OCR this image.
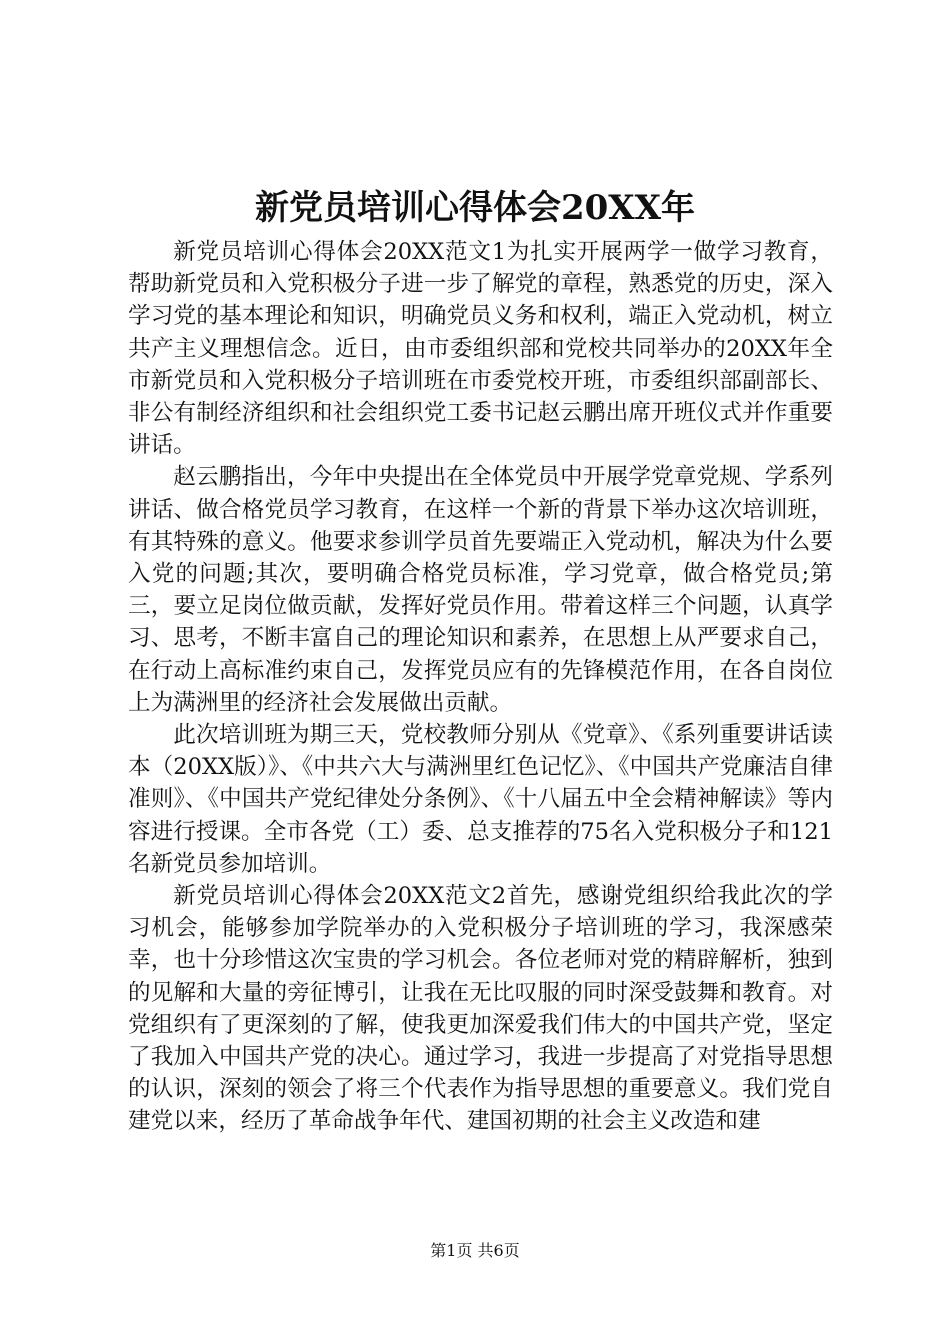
新党员培训心得体会20XX年

新党员培训心得体会20XX范文1为扎实开展两学一做学习教育，帮助新党员和入党积极分子进一步了解党的章程，熟悉党的历史，深入学习党的基本理论和知识，明确党员义务和权利，端正入党动机，树立共产主义理想信念。近日，由市委组织部和党校共同举办的20XX年全市新党员和入党积极分子培训班在市委党校开班，市委组织部副部长、非公有制经济组织和社会组织党工委书记赵云鹏出席开班仪式并作重要讲话。

赵云鹏指出，今年中央提出在全体党员中开展学党章党规、学系列讲话、做合格党员学习教育，在这样一个新的背景下举办这次培训班，有其特殊的意义。他要求参训学员首先要端正入党动机，解决为什么要入党的问题;其次，要明确合格党员标准，学习党章，做合格党员;第三，要立足岗位做贡献，发挥好党员作用。带着这样三个问题，认真学习、思考，不断丰富自己的理论知识和素养，在思想上从严要求自己，在行动上高标准约束自己，发挥党员应有的先锋模范作用，在各自岗位上为满洲里的经济社会发展做出贡献。

此次培训班为期三天，党校教师分别从《党章》、《系列重要讲话读本（20XX版）》、《中共六大与满洲里红色记忆》、《中国共产党廉洁自律准则》、《中国共产党纪律处分条例》、《十八届五中全会精神解读》等内容进行授课。全市各党（工）委、总支推荐的75名入党积极分子和121名新党员参加培训。

新党员培训心得体会20XX范文2首先，感谢党组织给我此次的学习机会，能够参加学院举办的入党积极分子培训班的学习，我深感荣幸，也十分珍惜这次宝贵的学习机会。各位老师对党的精辟解析，独到的见解和大量的旁征博引，让我在无比叹服的同时深受鼓舞和教育。对党组织有了更深刻的了解，使我更加深爱我们伟大的中国共产党，坚定了我加入中国共产党的决心。通过学习，我进一步提高了对党指导思想的认识，深刻的领会了将三个代表作为指导思想的重要意义。我们党自建党以来，经历了革命战争年代、建国初期的社会主义改造和建

第1页 共6页
